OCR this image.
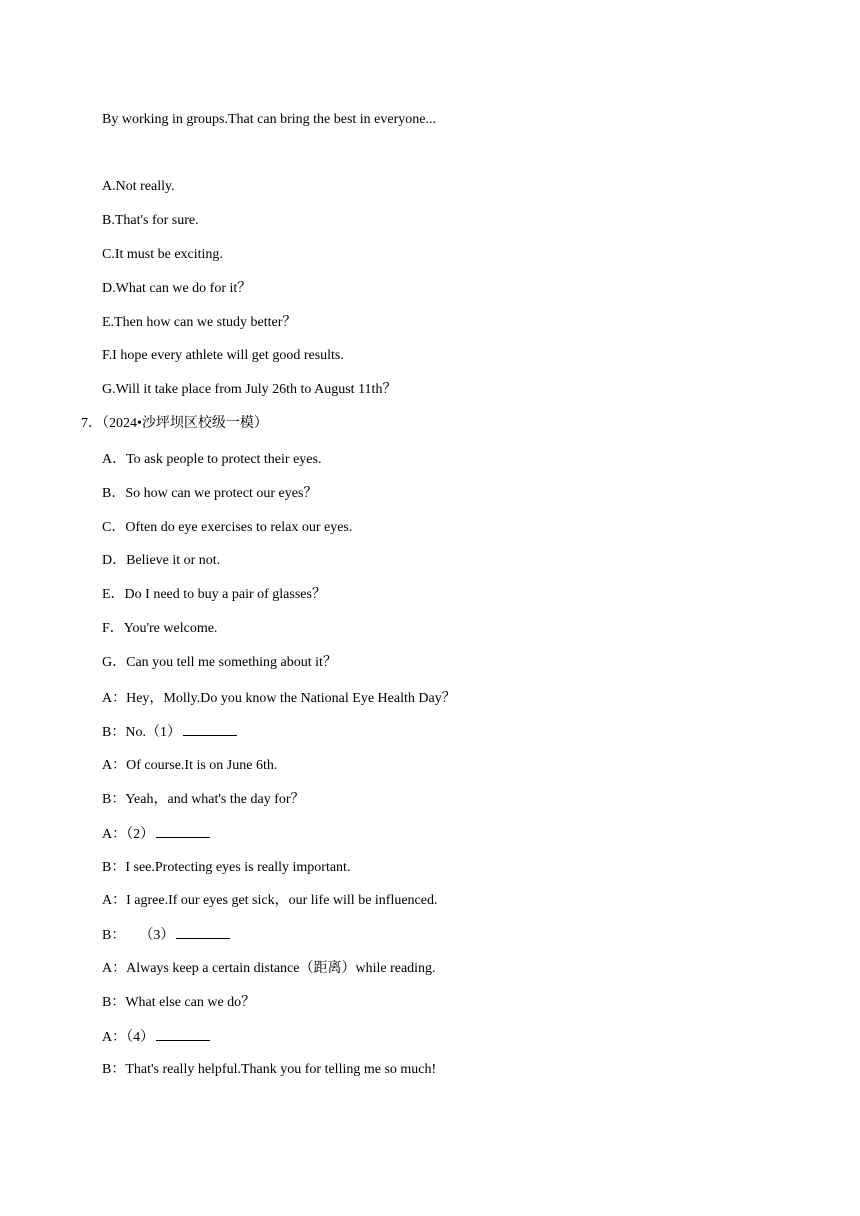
By working in groups.That can bring the best in everyone...
A.Not really.
B.That's for sure.
C.It must be exciting.
D.What can we do for it？
E.Then how can we study better？
F.I hope every athlete will get good results.
G.Will it take place from July 26th to August 11th？
7．（2024•沙坪坝区校级一模）
A．To ask people to protect their eyes.
B．So how can we protect our eyes？
C．Often do eye exercises to relax our eyes.
D．Believe it or not.
E．Do I need to buy a pair of glasses？
F．You're welcome.
G．Can you tell me something about it？
A：Hey，Molly.Do you know the National Eye Health Day？
B：No.（1）
A：Of course.It is on June 6th.
B：Yeah，and what's the day for？
A：（2）
B：I see.Protecting eyes is really important.
A：I agree.If our eyes get sick，our life will be influenced.
B： （3）
A：Always keep a certain distance（距离）while reading.
B：What else can we do？
A：（4）
B：That's really helpful.Thank you for telling me so much!
